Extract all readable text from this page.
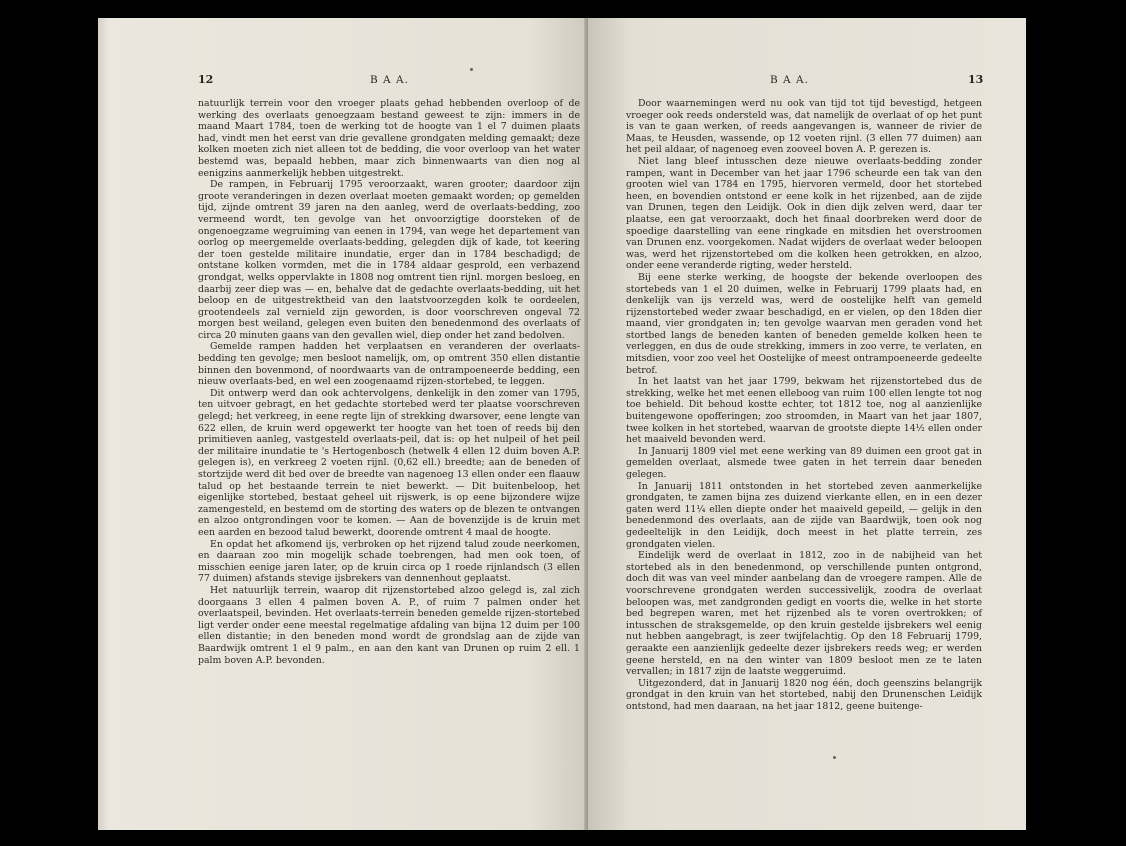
12	B A A.

natuurlijk terrein voor den vroeger plaats gehad hebbenden overloop of de werking des overlaats genoegzaam bestand geweest te zijn: immers in de maand Maart 1784, toen de werking tot de hoogte van 1 el 7 duimen plaats had, vindt men het eerst van drie gevallene grondgaten melding gemaakt; deze kolken moeten zich niet alleen tot de bedding, die voor overloop van het water bestemd was, bepaald hebben, maar zich binnenwaarts van dien nog al eenigzins aanmerkelijk hebben uitgestrekt.

De rampen, in Februarij 1795 veroorzaakt, waren grooter; daardoor zijn groote veranderingen in dezen overlaat moeten gemaakt worden; op gemelden tijd, zijnde omtrent 39 jaren na den aanleg, werd de overlaats-bedding, zoo vermeend wordt, ten gevolge van het onvoorzigtige doorsteken of de ongenoegzame wegruiming van eenen in 1794, van wege het departement van oorlog op meergemelde overlaats-bedding, gelegden dijk of kade, tot keering der toen gestelde militaire inundatie, erger dan in 1784 beschadigd; de ontstane kolken vormden, met die in 1784 aldaar gesprold, een verbazend grondgat, welks oppervlakte in 1808 nog omtrent tien rijnl. morgen besloeg, en daarbij zeer diep was — en, behalve dat de gedachte overlaats-bedding, uit het beloop en de uitgestrektheid van den laatstvoorzegden kolk te oordeelen, grootendeels zal vernield zijn geworden, is door voorschreven ongeval 72 morgen best weiland, gelegen even buiten den benedenmond des overlaats of circa 20 minuten gaans van den gevallen wiel, diep onder het zand bedolven.

Gemelde rampen hadden het verplaatsen en veranderen der overlaats-bedding ten gevolge; men besloot namelijk, om, op omtrent 350 ellen distantie binnen den bovenmond, of noordwaarts van de ontrampoeneerde bedding, een nieuw overlaats-bed, en wel een zoogenaamd rijzen-stortebed, te leggen.

Dit ontwerp werd dan ook achtervolgens, denkelijk in den zomer van 1795, ten uitvoer gebragt, en het gedachte stortebed werd ter plaatse voorschreven gelegd; het verkreeg, in eene regte lijn of strekking dwarsover, eene lengte van 622 ellen, de kruin werd opgewerkt ter hoogte van het toen of reeds bij den primitieven aanleg, vastgesteld overlaats-peil, dat is: op het nulpeil of het peil der militaire inundatie te 's Hertogenbosch (hetwelk 4 ellen 12 duim boven A.P. gelegen is), en verkreeg 2 voeten rijnl. (0,62 ell.) breedte; aan de beneden of stortzijde werd dit bed over de breedte van nagenoeg 13 ellen onder een flaauw talud op het bestaande terrein te niet bewerkt. — Dit buitenbeloop, het eigenlijke stortebed, bestaat geheel uit rijswerk, is op eene bijzondere wijze zamengesteld, en bestemd om de storting des waters op de blezen te ontvangen en alzoo ontgrondingen voor te komen. — Aan de bovenzijde is de kruin met een aarden en bezood talud bewerkt, doorende omtrent 4 maal de hoogte.

En opdat het afkomend ijs, verbroken op het rijzend talud zoude neerkomen, en daaraan zoo min mogelijk schade toebrengen, had men ook toen, of misschien eenige jaren later, op de kruin circa op 1 roede rijnlandsch (3 ellen 77 duimen) afstands stevige ijsbrekers van dennenhout geplaatst.

Het natuurlijk terrein, waarop dit rijzenstortebed alzoo gelegd is, zal zich doorgaans 3 ellen 4 palmen boven A. P., of ruim 7 palmen onder het overlaatspeil, bevinden. Het overlaats-terrein beneden gemelde rijzen-stortebed ligt verder onder eene meestal regelmatige afdaling van bijna 12 duim per 100 ellen distantie; in den beneden mond wordt de grondslag aan de zijde van Baardwijk omtrent 1 el 9 palm., en aan den kant van Drunen op ruim 2 ell. 1 palm boven A.P. bevonden.

B A A.	13

Door waarnemingen werd nu ook van tijd tot tijd bevestigd, hetgeen vroeger ook reeds ondersteld was, dat namelijk de overlaat of op het punt is van te gaan werken, of reeds aangevangen is, wanneer de rivier de Maas, te Heusden, wassende, op 12 voeten rijnl. (3 ellen 77 duimen) aan het peil aldaar, of nagenoeg even zooveel boven A. P. gerezen is.

Niet lang bleef intusschen deze nieuwe overlaats-bedding zonder rampen, want in December van het jaar 1796 scheurde een tak van den grooten wiel van 1784 en 1795, hiervoren vermeld, door het stortebed heen, en bovendien ontstond er eene kolk in het rijzenbed, aan de zijde van Drunen, tegen den Leidijk. Ook in dien dijk zelven werd, daar ter plaatse, een gat veroorzaakt, doch het finaal doorbreken werd door de spoedige daarstelling van eene ringkade en mitsdien het overstroomen van Drunen enz. voorgekomen. Nadat wijders de overlaat weder beloopen was, werd het rijzenstortebed om die kolken heen getrokken, en alzoo, onder eene veranderde rigting, weder hersteld.

Bij eene sterke werking, de hoogste der bekende overloopen des stortebeds van 1 el 20 duimen, welke in Februarij 1799 plaats had, en denkelijk van ijs verzeld was, werd de oostelijke helft van gemeld rijzenstortebed weder zwaar beschadigd, en er vielen, op den 18den dier maand, vier grondgaten in; ten gevolge waarvan men geraden vond het stortbed langs de beneden kanten of beneden gemelde kolken heen te verleggen, en dus de oude strekking, immers in zoo verre, te verlaten, en mitsdien, voor zoo veel het Oostelijke of meest ontrampoeneerde gedeelte betrof.

In het laatst van het jaar 1799, bekwam het rijzenstortebed dus de strekking, welke het met eenen elleboog van ruim 100 ellen lengte tot nog toe behield. Dit behoud kostte echter, tot 1812 toe, nog al aanzienlijke buitengewone opofferingen; zoo stroomden, in Maart van het jaar 1807, twee kolken in het stortebed, waarvan de grootste diepte 14½ ellen onder het maaiveld bevonden werd.

In Januarij 1809 viel met eene werking van 89 duimen een groot gat in gemelden overlaat, alsmede twee gaten in het terrein daar beneden gelegen.

In Januarij 1811 ontstonden in het stortebed zeven aanmerkelijke grondgaten, te zamen bijna zes duizend vierkante ellen, en in een dezer gaten werd 11¼ ellen diepte onder het maaiveld gepeild, — gelijk in den benedenmond des overlaats, aan de zijde van Baardwijk, toen ook nog gedeeltelijk in den Leidijk, doch meest in het platte terrein, zes grondgaten vielen.

Eindelijk werd de overlaat in 1812, zoo in de nabijheid van het stortebed als in den benedenmond, op verschillende punten ontgrond, doch dit was van veel minder aanbelang dan de vroegere rampen. Alle de voorschrevene grondgaten werden successivelijk, zoodra de overlaat beloopen was, met zandgronden gedigt en voorts die, welke in het storte bed begrepen waren, met het rijzenbed als te voren overtrokken; of intusschen de straksgemelde, op den kruin gestelde ijsbrekers wel eenig nut hebben aangebragt, is zeer twijfelachtig. Op den 18 Februarij 1799, geraakte een aanzienlijk gedeelte dezer ijsbrekers reeds weg; er werden geene hersteld, en na den winter van 1809 besloot men ze te laten vervallen; in 1817 zijn de laatste weggeruimd.

Uitgezonderd, dat in Januarij 1820 nog één, doch geenszins belangrijk grondgat in den kruin van het stortebed, nabij den Drunenschen Leidijk ontstond, had men daaraan, na het jaar 1812, geene buitenge-
